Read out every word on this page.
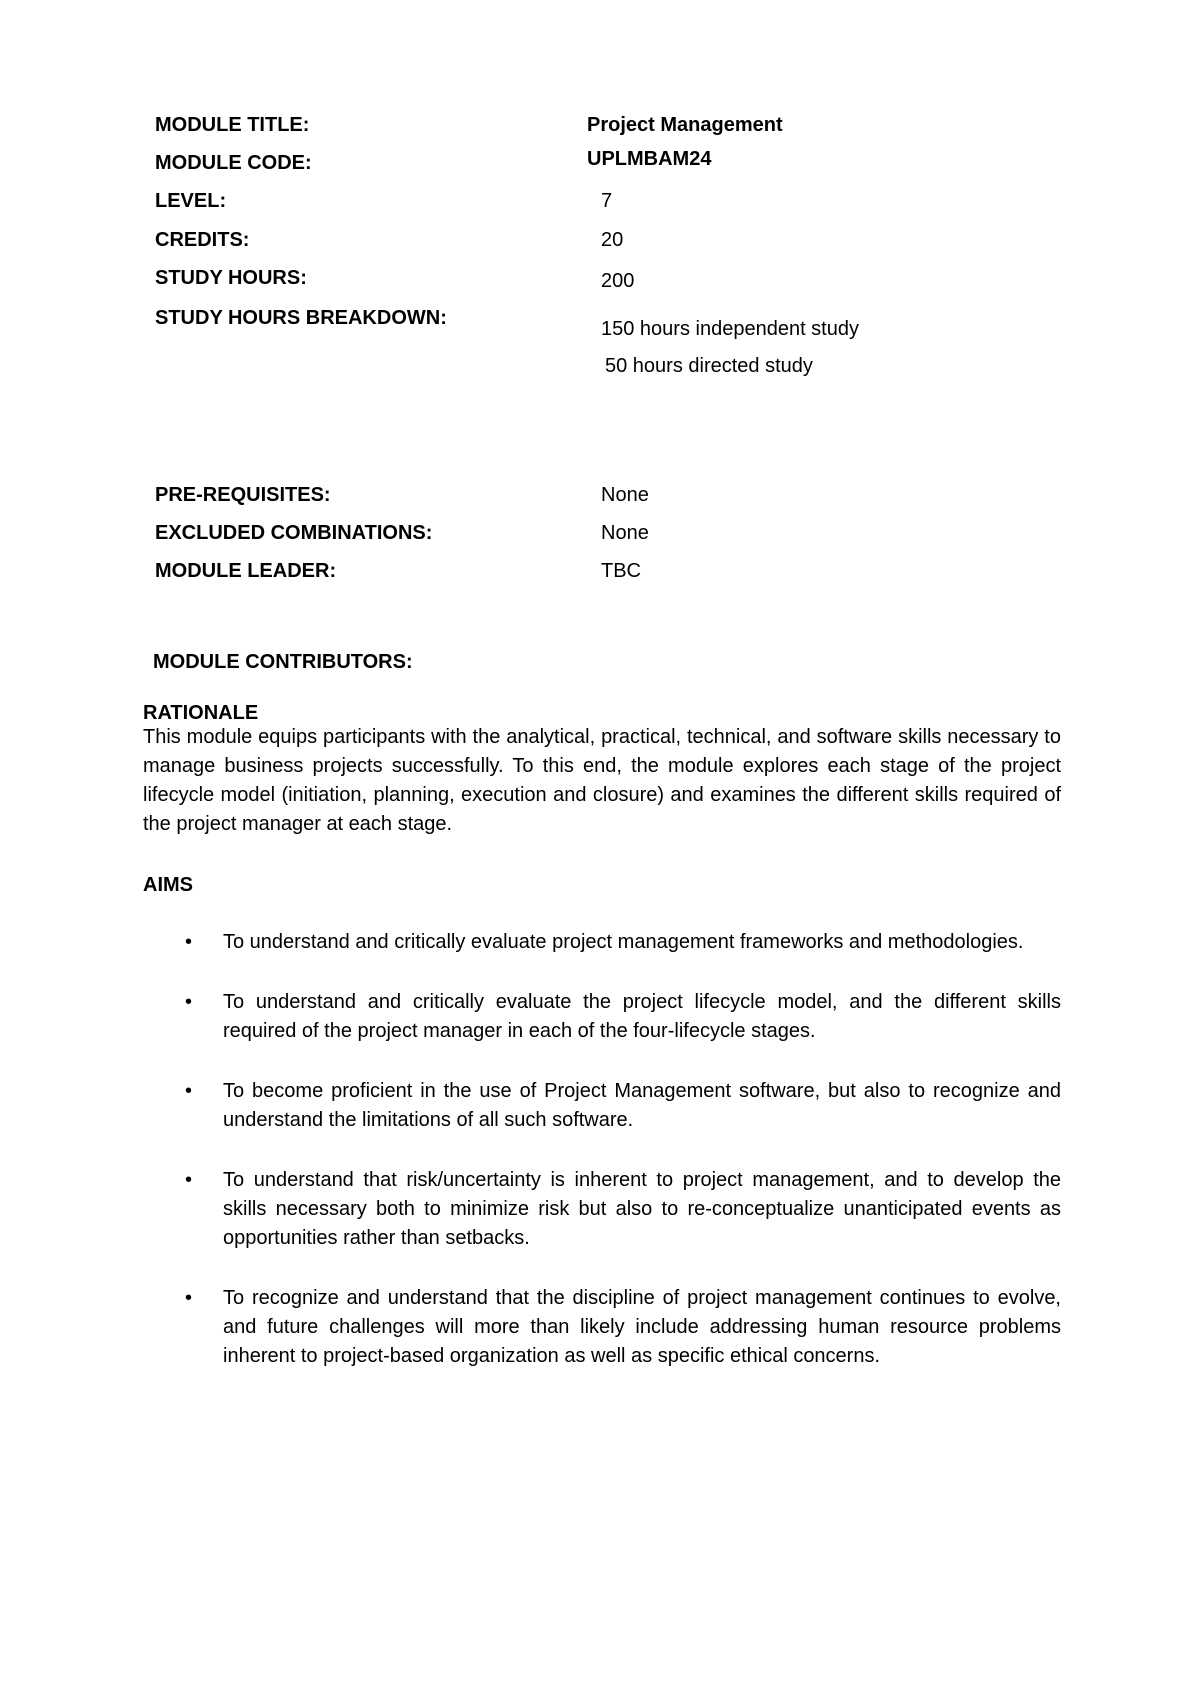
MODULE TITLE:	Project Management
MODULE CODE:	UPLMBAM24
LEVEL:	7
CREDITS:	20
STUDY HOURS:	200
STUDY HOURS BREAKDOWN:	150 hours independent study
50 hours directed study
PRE-REQUISITES:	None
EXCLUDED COMBINATIONS:	None
MODULE LEADER:	TBC
MODULE CONTRIBUTORS:
RATIONALE
This module equips participants with the analytical, practical, technical, and software skills necessary to manage business projects successfully. To this end, the module explores each stage of the project lifecycle model (initiation, planning, execution and closure) and examines the different skills required of the project manager at each stage.
AIMS
• To understand and critically evaluate project management frameworks and methodologies.
• To understand and critically evaluate the project lifecycle model, and the different skills required of the project manager in each of the four-lifecycle stages.
• To become proficient in the use of Project Management software, but also to recognize and understand the limitations of all such software.
• To understand that risk/uncertainty is inherent to project management, and to develop the skills necessary both to minimize risk but also to re-conceptualize unanticipated events as opportunities rather than setbacks.
• To recognize and understand that the discipline of project management continues to evolve, and future challenges will more than likely include addressing human resource problems inherent to project-based organization as well as specific ethical concerns.
